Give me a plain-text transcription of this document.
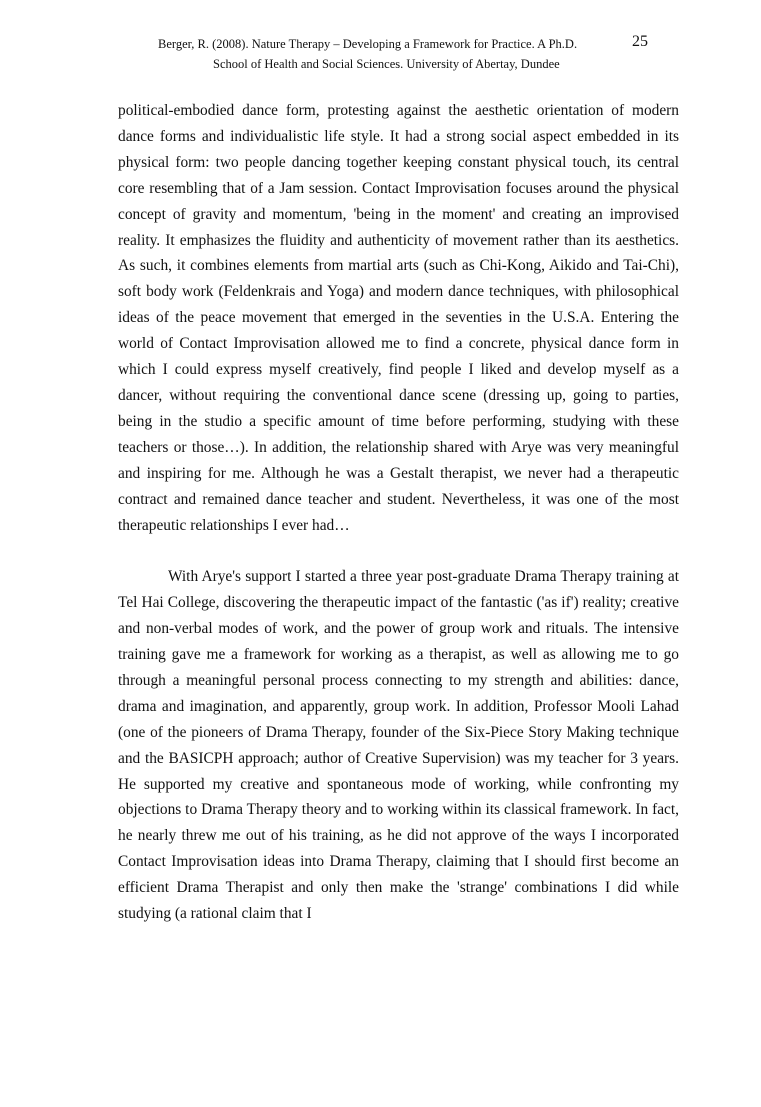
Berger, R. (2008). Nature Therapy – Developing a Framework for Practice. A Ph.D.
School of Health and Social Sciences. University of Abertay, Dundee
25

political-embodied dance form, protesting against the aesthetic orientation of modern dance forms and individualistic life style. It had a strong social aspect embedded in its physical form: two people dancing together keeping constant physical touch, its central core resembling that of a Jam session. Contact Improvisation focuses around the physical concept of gravity and momentum, 'being in the moment' and creating an improvised reality. It emphasizes the fluidity and authenticity of movement rather than its aesthetics. As such, it combines elements from martial arts (such as Chi-Kong, Aikido and Tai-Chi), soft body work (Feldenkrais and Yoga) and modern dance techniques, with philosophical ideas of the peace movement that emerged in the seventies in the U.S.A. Entering the world of Contact Improvisation allowed me to find a concrete, physical dance form in which I could express myself creatively, find people I liked and develop myself as a dancer, without requiring the conventional dance scene (dressing up, going to parties, being in the studio a specific amount of time before performing, studying with these teachers or those…). In addition, the relationship shared with Arye was very meaningful and inspiring for me. Although he was a Gestalt therapist, we never had a therapeutic contract and remained dance teacher and student. Nevertheless, it was one of the most therapeutic relationships I ever had…

With Arye's support I started a three year post-graduate Drama Therapy training at Tel Hai College, discovering the therapeutic impact of the fantastic ('as if') reality; creative and non-verbal modes of work, and the power of group work and rituals. The intensive training gave me a framework for working as a therapist, as well as allowing me to go through a meaningful personal process connecting to my strength and abilities: dance, drama and imagination, and apparently, group work. In addition, Professor Mooli Lahad (one of the pioneers of Drama Therapy, founder of the Six-Piece Story Making technique and the BASICPH approach; author of Creative Supervision) was my teacher for 3 years. He supported my creative and spontaneous mode of working, while confronting my objections to Drama Therapy theory and to working within its classical framework. In fact, he nearly threw me out of his training, as he did not approve of the ways I incorporated Contact Improvisation ideas into Drama Therapy, claiming that I should first become an efficient Drama Therapist and only then make the 'strange' combinations I did while studying (a rational claim that I
